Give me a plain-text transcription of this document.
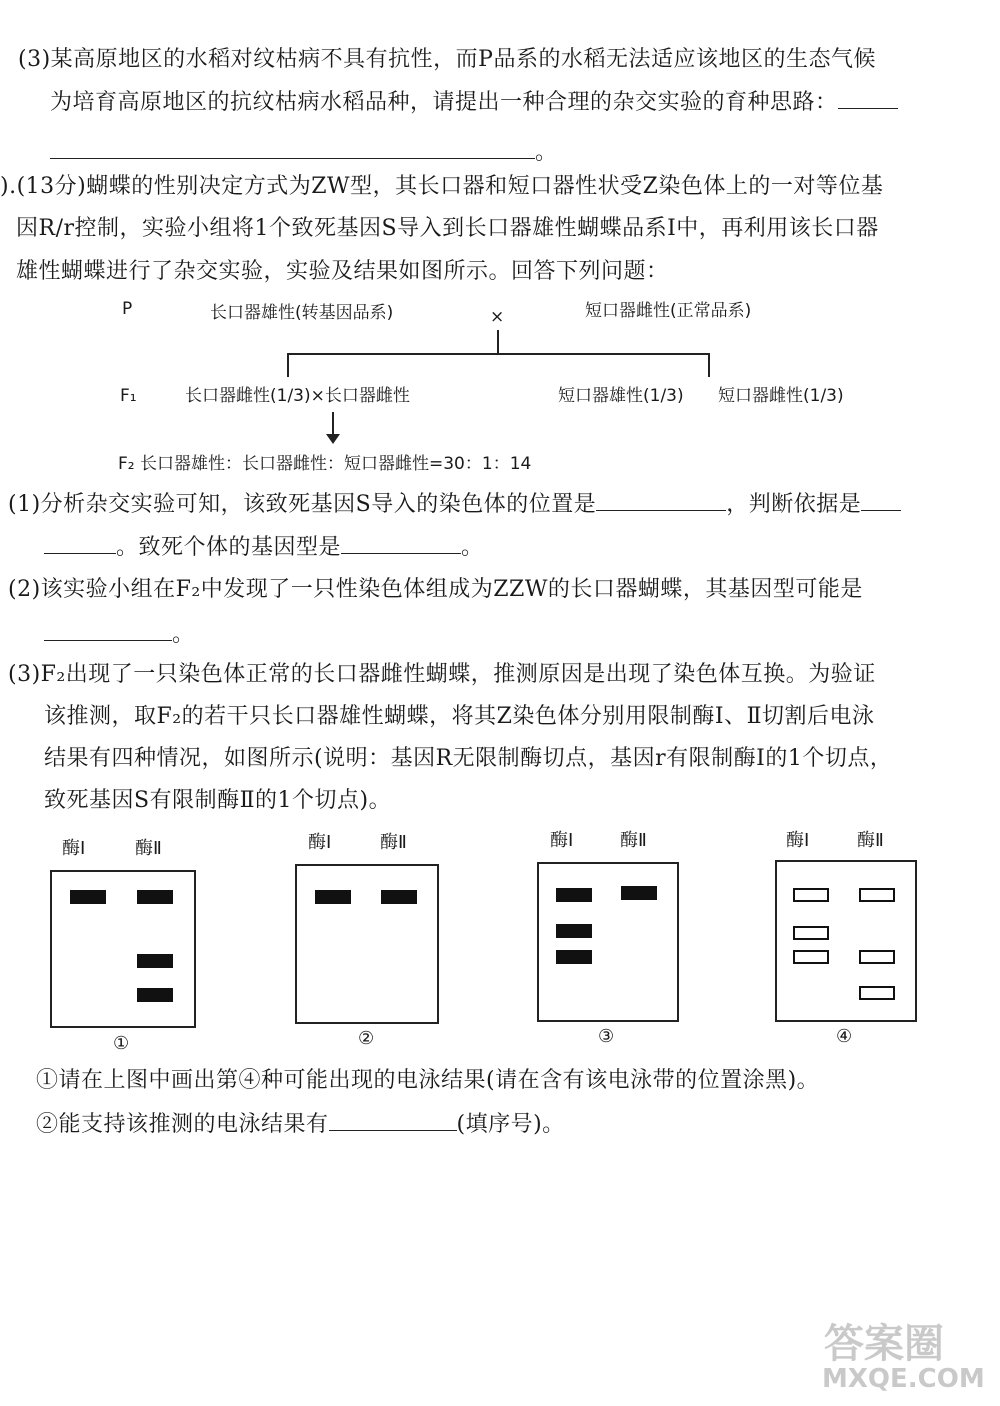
(3)某高原地区的水稻对纹枯病不具有抗性，而P品系的水稻无法适应该地区的生态气候
为培育高原地区的抗纹枯病水稻品种，请提出一种合理的杂交实验的育种思路：
。
).(13分)蝴蝶的性别决定方式为ZW型，其长口器和短口器性状受Z染色体上的一对等位基
因R/r控制，实验小组将1个致死基因S导入到长口器雄性蝴蝶品系Ⅰ中，再利用该长口器
雄性蝴蝶进行了杂交实验，实验及结果如图所示。回答下列问题：
P	长口器雄性(转基因品系)	×	短口器雌性(正常品系)
F₁	长口器雌性(1/3)×长口器雌性	短口器雄性(1/3) 短口器雌性(1/3)
F₂ 长口器雄性：长口器雌性：短口器雌性=30：1：14
(1)分析杂交实验可知，该致死基因S导入的染色体的位置是	，判断依据是
。致死个体的基因型是	。
(2)该实验小组在F₂中发现了一只性染色体组成为ZZW的长口器蝴蝶，其基因型可能是
。
(3)F₂出现了一只染色体正常的长口器雌性蝴蝶，推测原因是出现了染色体互换。为验证
该推测，取F₂的若干只长口器雄性蝴蝶，将其Z染色体分别用限制酶Ⅰ、Ⅱ切割后电泳
结果有四种情况，如图所示(说明：基因R无限制酶切点，基因r有限制酶Ⅰ的1个切点，
致死基因S有限制酶Ⅱ的1个切点)。
酶Ⅰ	酶Ⅱ
①
酶Ⅰ	酶Ⅱ
②
酶Ⅰ	酶Ⅱ
③
酶Ⅰ	酶Ⅱ
④
①请在上图中画出第④种可能出现的电泳结果(请在含有该电泳带的位置涂黑)。
②能支持该推测的电泳结果有	(填序号)。
答案圈
MXQE.COM
